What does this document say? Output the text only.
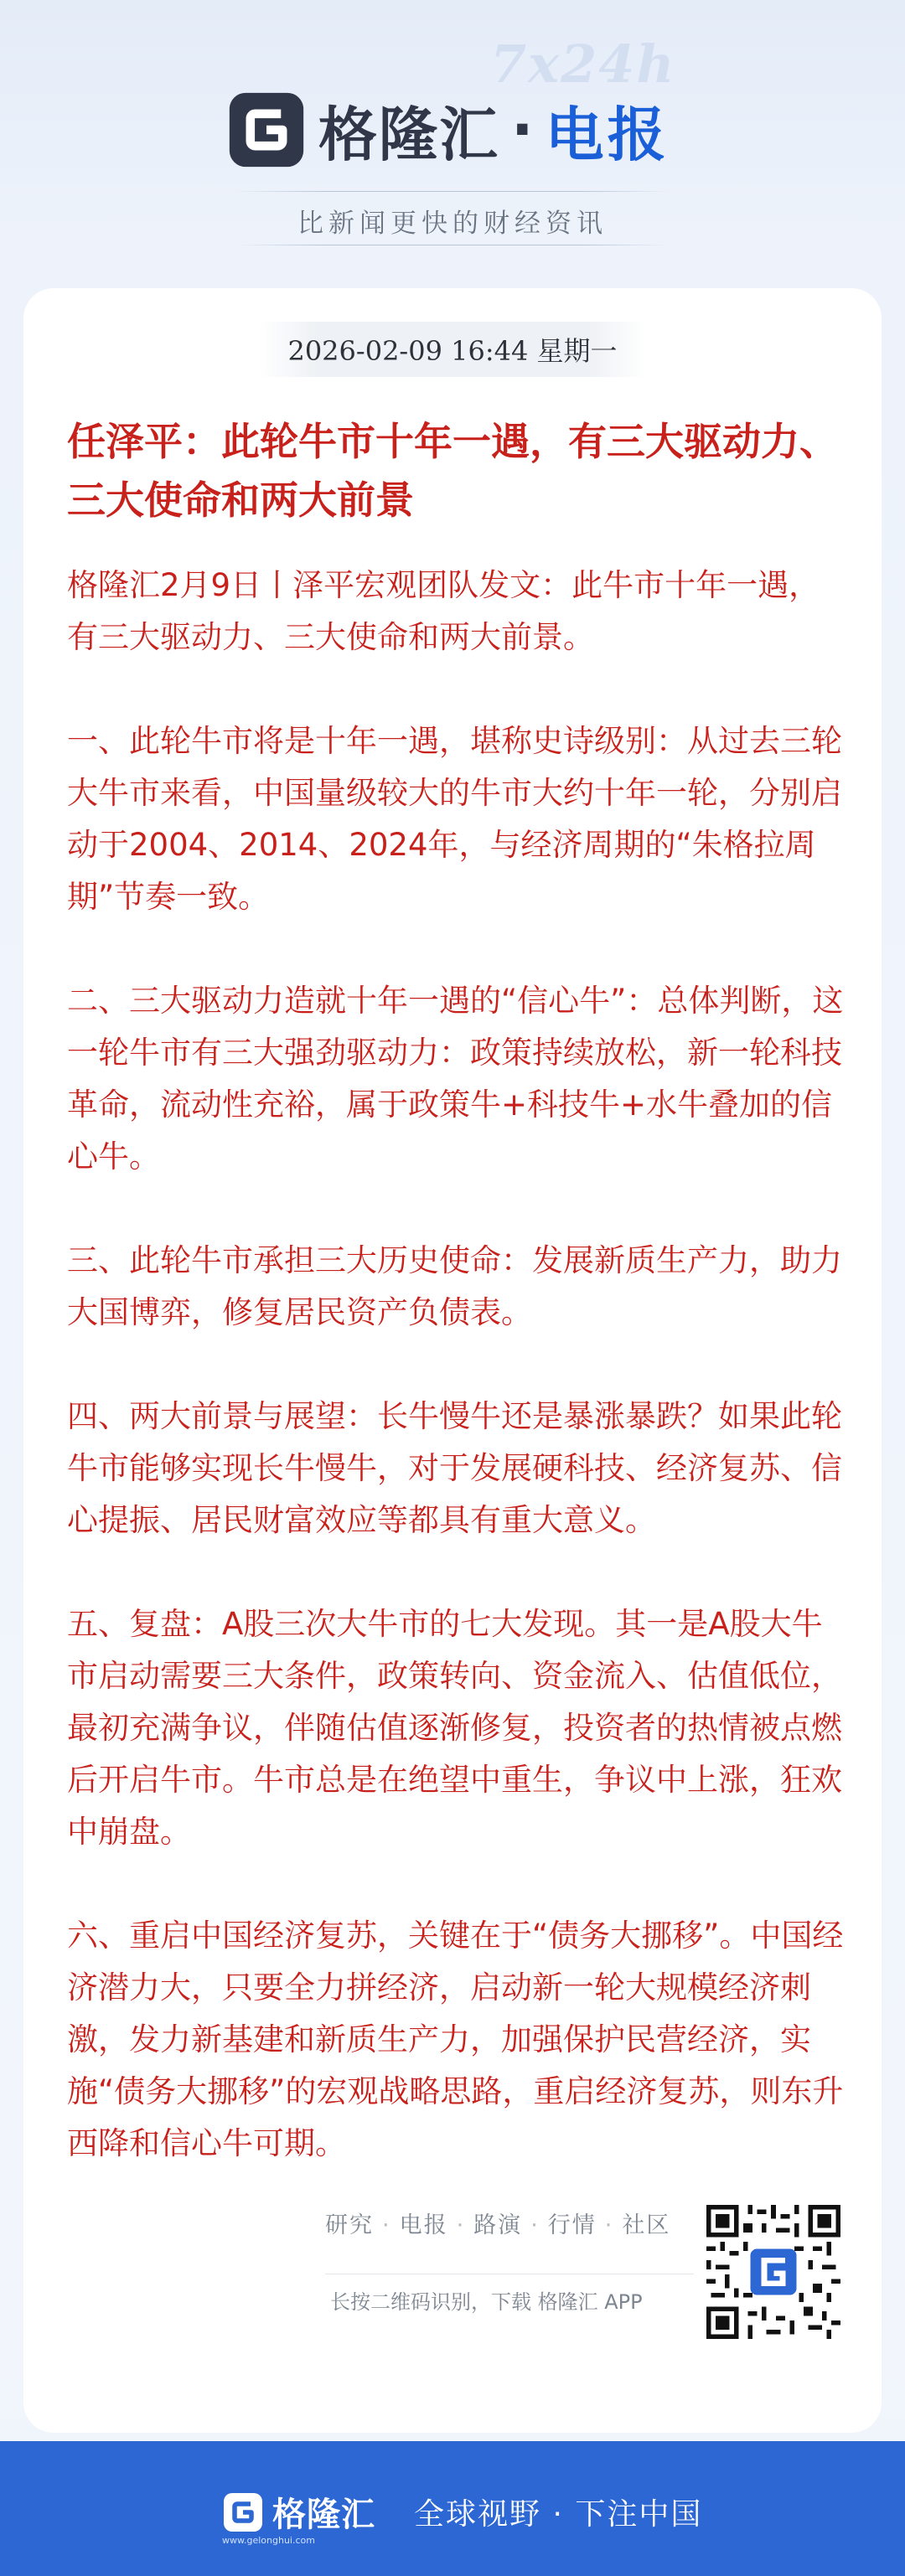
7x24h
格隆汇 · 电报
比新闻更快的财经资讯
2026-02-09 16:44 星期一
任泽平：此轮牛市十年一遇，有三大驱动力、三大使命和两大前景

格隆汇2月9日丨泽平宏观团队发文：此牛市十年一遇，有三大驱动力、三大使命和两大前景。

一、此轮牛市将是十年一遇，堪称史诗级别：从过去三轮大牛市来看，中国量级较大的牛市大约十年一轮，分别启动于2004、2014、2024年，与经济周期的“朱格拉周期”节奏一致。

二、三大驱动力造就十年一遇的“信心牛”：总体判断，这一轮牛市有三大强劲驱动力：政策持续放松，新一轮科技革命，流动性充裕，属于政策牛+科技牛+水牛叠加的信心牛。

三、此轮牛市承担三大历史使命：发展新质生产力，助力大国博弈，修复居民资产负债表。

四、两大前景与展望：长牛慢牛还是暴涨暴跌？如果此轮牛市能够实现长牛慢牛，对于发展硬科技、经济复苏、信心提振、居民财富效应等都具有重大意义。

五、复盘：A股三次大牛市的七大发现。其一是A股大牛市启动需要三大条件，政策转向、资金流入、估值低位，最初充满争议，伴随估值逐渐修复，投资者的热情被点燃后开启牛市。牛市总是在绝望中重生，争议中上涨，狂欢中崩盘。

六、重启中国经济复苏，关键在于“债务大挪移”。中国经济潜力大，只要全力拼经济，启动新一轮大规模经济刺激，发力新基建和新质生产力，加强保护民营经济，实施“债务大挪移”的宏观战略思路，重启经济复苏，则东升西降和信心牛可期。

研究 · 电报 · 路演 · 行情 · 社区
长按二维码识别，下载 格隆汇 APP
格隆汇 全球视野 · 下注中国
www.gelonghui.com
